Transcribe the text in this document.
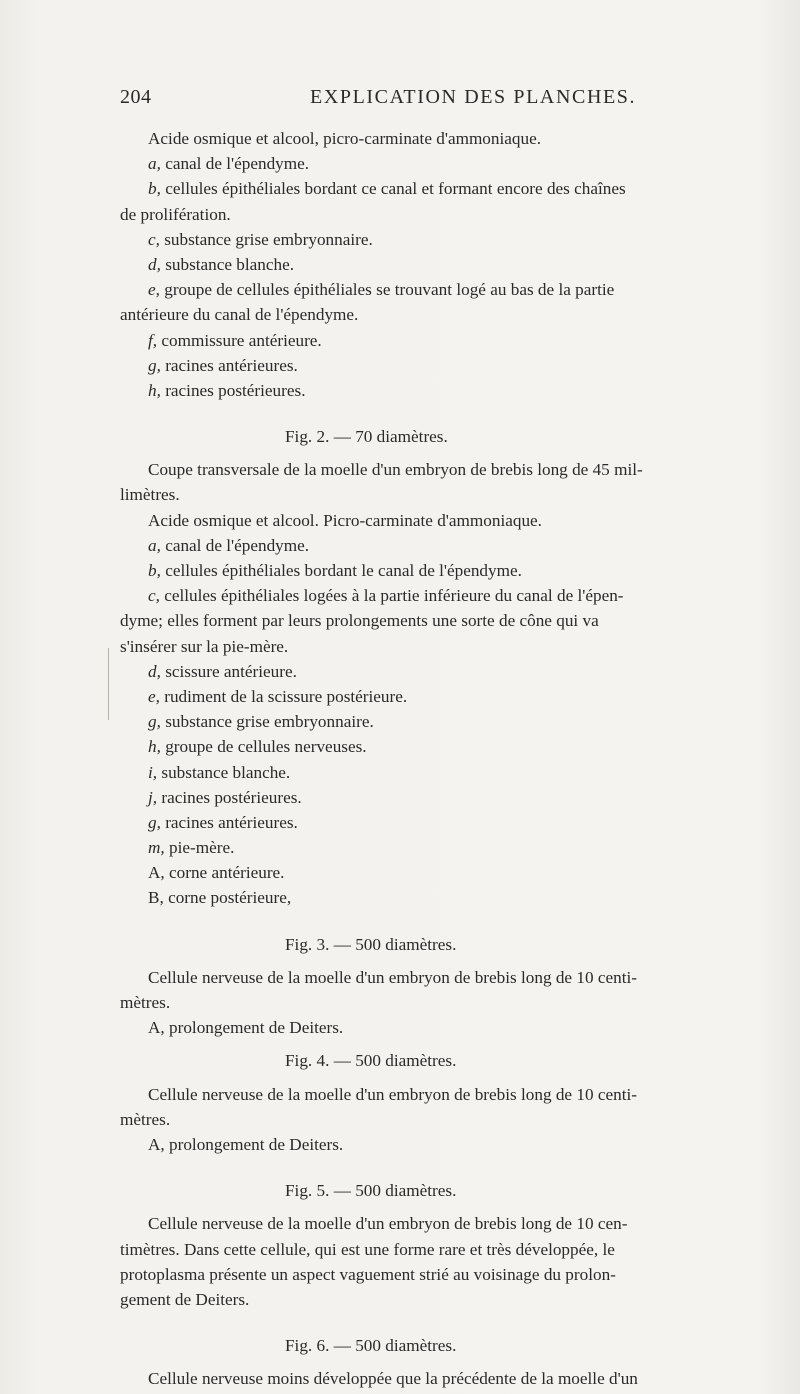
204	EXPLICATION DES PLANCHES.
Acide osmique et alcool, picro-carminate d'ammoniaque.
a, canal de l'épendyme.
b, cellules épithéliales bordant ce canal et formant encore des chaînes
de prolifération.
c, substance grise embryonnaire.
d, substance blanche.
e, groupe de cellules épithéliales se trouvant logé au bas de la partie
antérieure du canal de l'épendyme.
f, commissure antérieure.
g, racines antérieures.
h, racines postérieures.
Fig. 2. — 70 diamètres.
Coupe transversale de la moelle d'un embryon de brebis long de 45 mil-
limètres.
Acide osmique et alcool. Picro-carminate d'ammoniaque.
a, canal de l'épendyme.
b, cellules épithéliales bordant le canal de l'épendyme.
c, cellules épithéliales logées à la partie inférieure du canal de l'épen-
dyme; elles forment par leurs prolongements une sorte de cône qui va
s'insérer sur la pie-mère.
d, scissure antérieure.
e, rudiment de la scissure postérieure.
g, substance grise embryonnaire.
h, groupe de cellules nerveuses.
i, substance blanche.
j, racines postérieures.
g, racines antérieures.
m, pie-mère.
A, corne antérieure.
B, corne postérieure,
Fig. 3. — 500 diamètres.
Cellule nerveuse de la moelle d'un embryon de brebis long de 10 centi-
mètres.
A, prolongement de Deiters.
Fig. 4. — 500 diamètres.
Cellule nerveuse de la moelle d'un embryon de brebis long de 10 centi-
mètres.
A, prolongement de Deiters.
Fig. 5. — 500 diamètres.
Cellule nerveuse de la moelle d'un embryon de brebis long de 10 cen-
timètres. Dans cette cellule, qui est une forme rare et très développée, le
protoplasma présente un aspect vaguement strié au voisinage du prolon-
gement de Deiters.
Fig. 6. — 500 diamètres.
Cellule nerveuse moins développée que la précédente de la moelle d'un
